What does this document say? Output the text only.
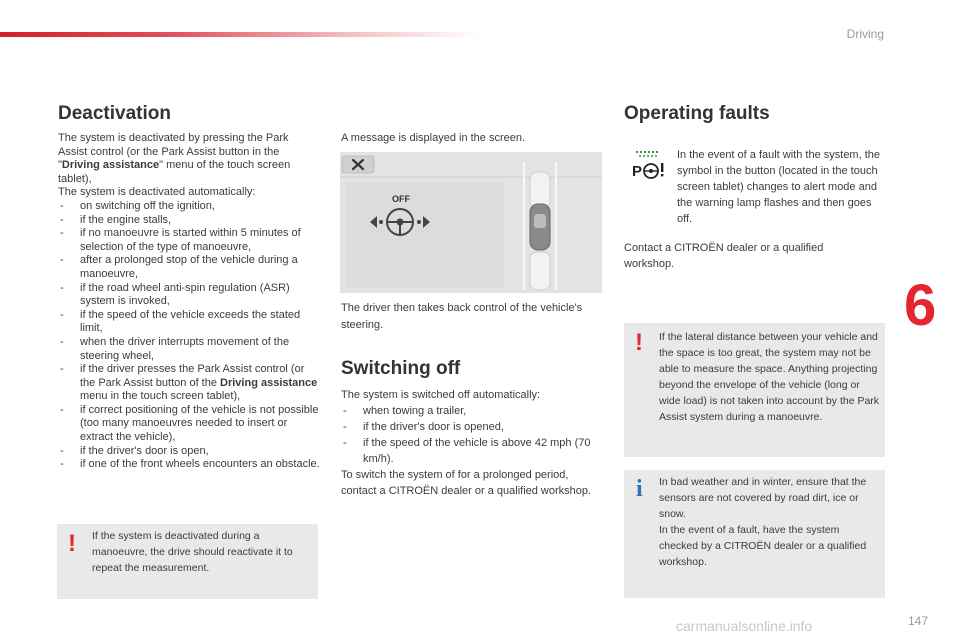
Driving
6
147
Deactivation
The system is deactivated by pressing the Park Assist control (or the Park Assist button in the "Driving assistance" menu of the touch screen tablet),
The system is deactivated automatically:
- on switching off the ignition,
- if the engine stalls,
- if no manoeuvre is started within 5 minutes of selection of the type of manoeuvre,
- after a prolonged stop of the vehicle during a manoeuvre,
- if the road wheel anti-spin regulation (ASR) system is invoked,
- if the speed of the vehicle exceeds the stated limit,
- when the driver interrupts movement of the steering wheel,
- if the driver presses the Park Assist control (or the Park Assist button of the Driving assistance menu in the touch screen tablet),
- if correct positioning of the vehicle is not possible (too many manoeuvres needed to insert or extract the vehicle),
- if the driver's door is open,
- if one of the front wheels encounters an obstacle.
! If the system is deactivated during a manoeuvre, the drive should reactivate it to repeat the measurement.
A message is displayed in the screen.
OFF
The driver then takes back control of the vehicle's steering.
Switching off
The system is switched off automatically:
- when towing a trailer,
- if the driver's door is opened,
- if the speed of the vehicle is above 42 mph (70 km/h).
To switch the system of for a prolonged period, contact a CITROËN dealer or a qualified workshop.
Operating faults
P
In the event of a fault with the system, the symbol in the button (located in the touch screen tablet) changes to alert mode and the warning lamp flashes and then goes off.
Contact a CITROËN dealer or a qualified workshop.
! If the lateral distance between your vehicle and the space is too great, the system may not be able to measure the space. Anything projecting beyond the envelope of the vehicle (long or wide load) is not taken into account by the Park Assist system during a manoeuvre.
i In bad weather and in winter, ensure that the sensors are not covered by road dirt, ice or snow.
In the event of a fault, have the system checked by a CITROËN dealer or a qualified workshop.
carmanualsonline.info
